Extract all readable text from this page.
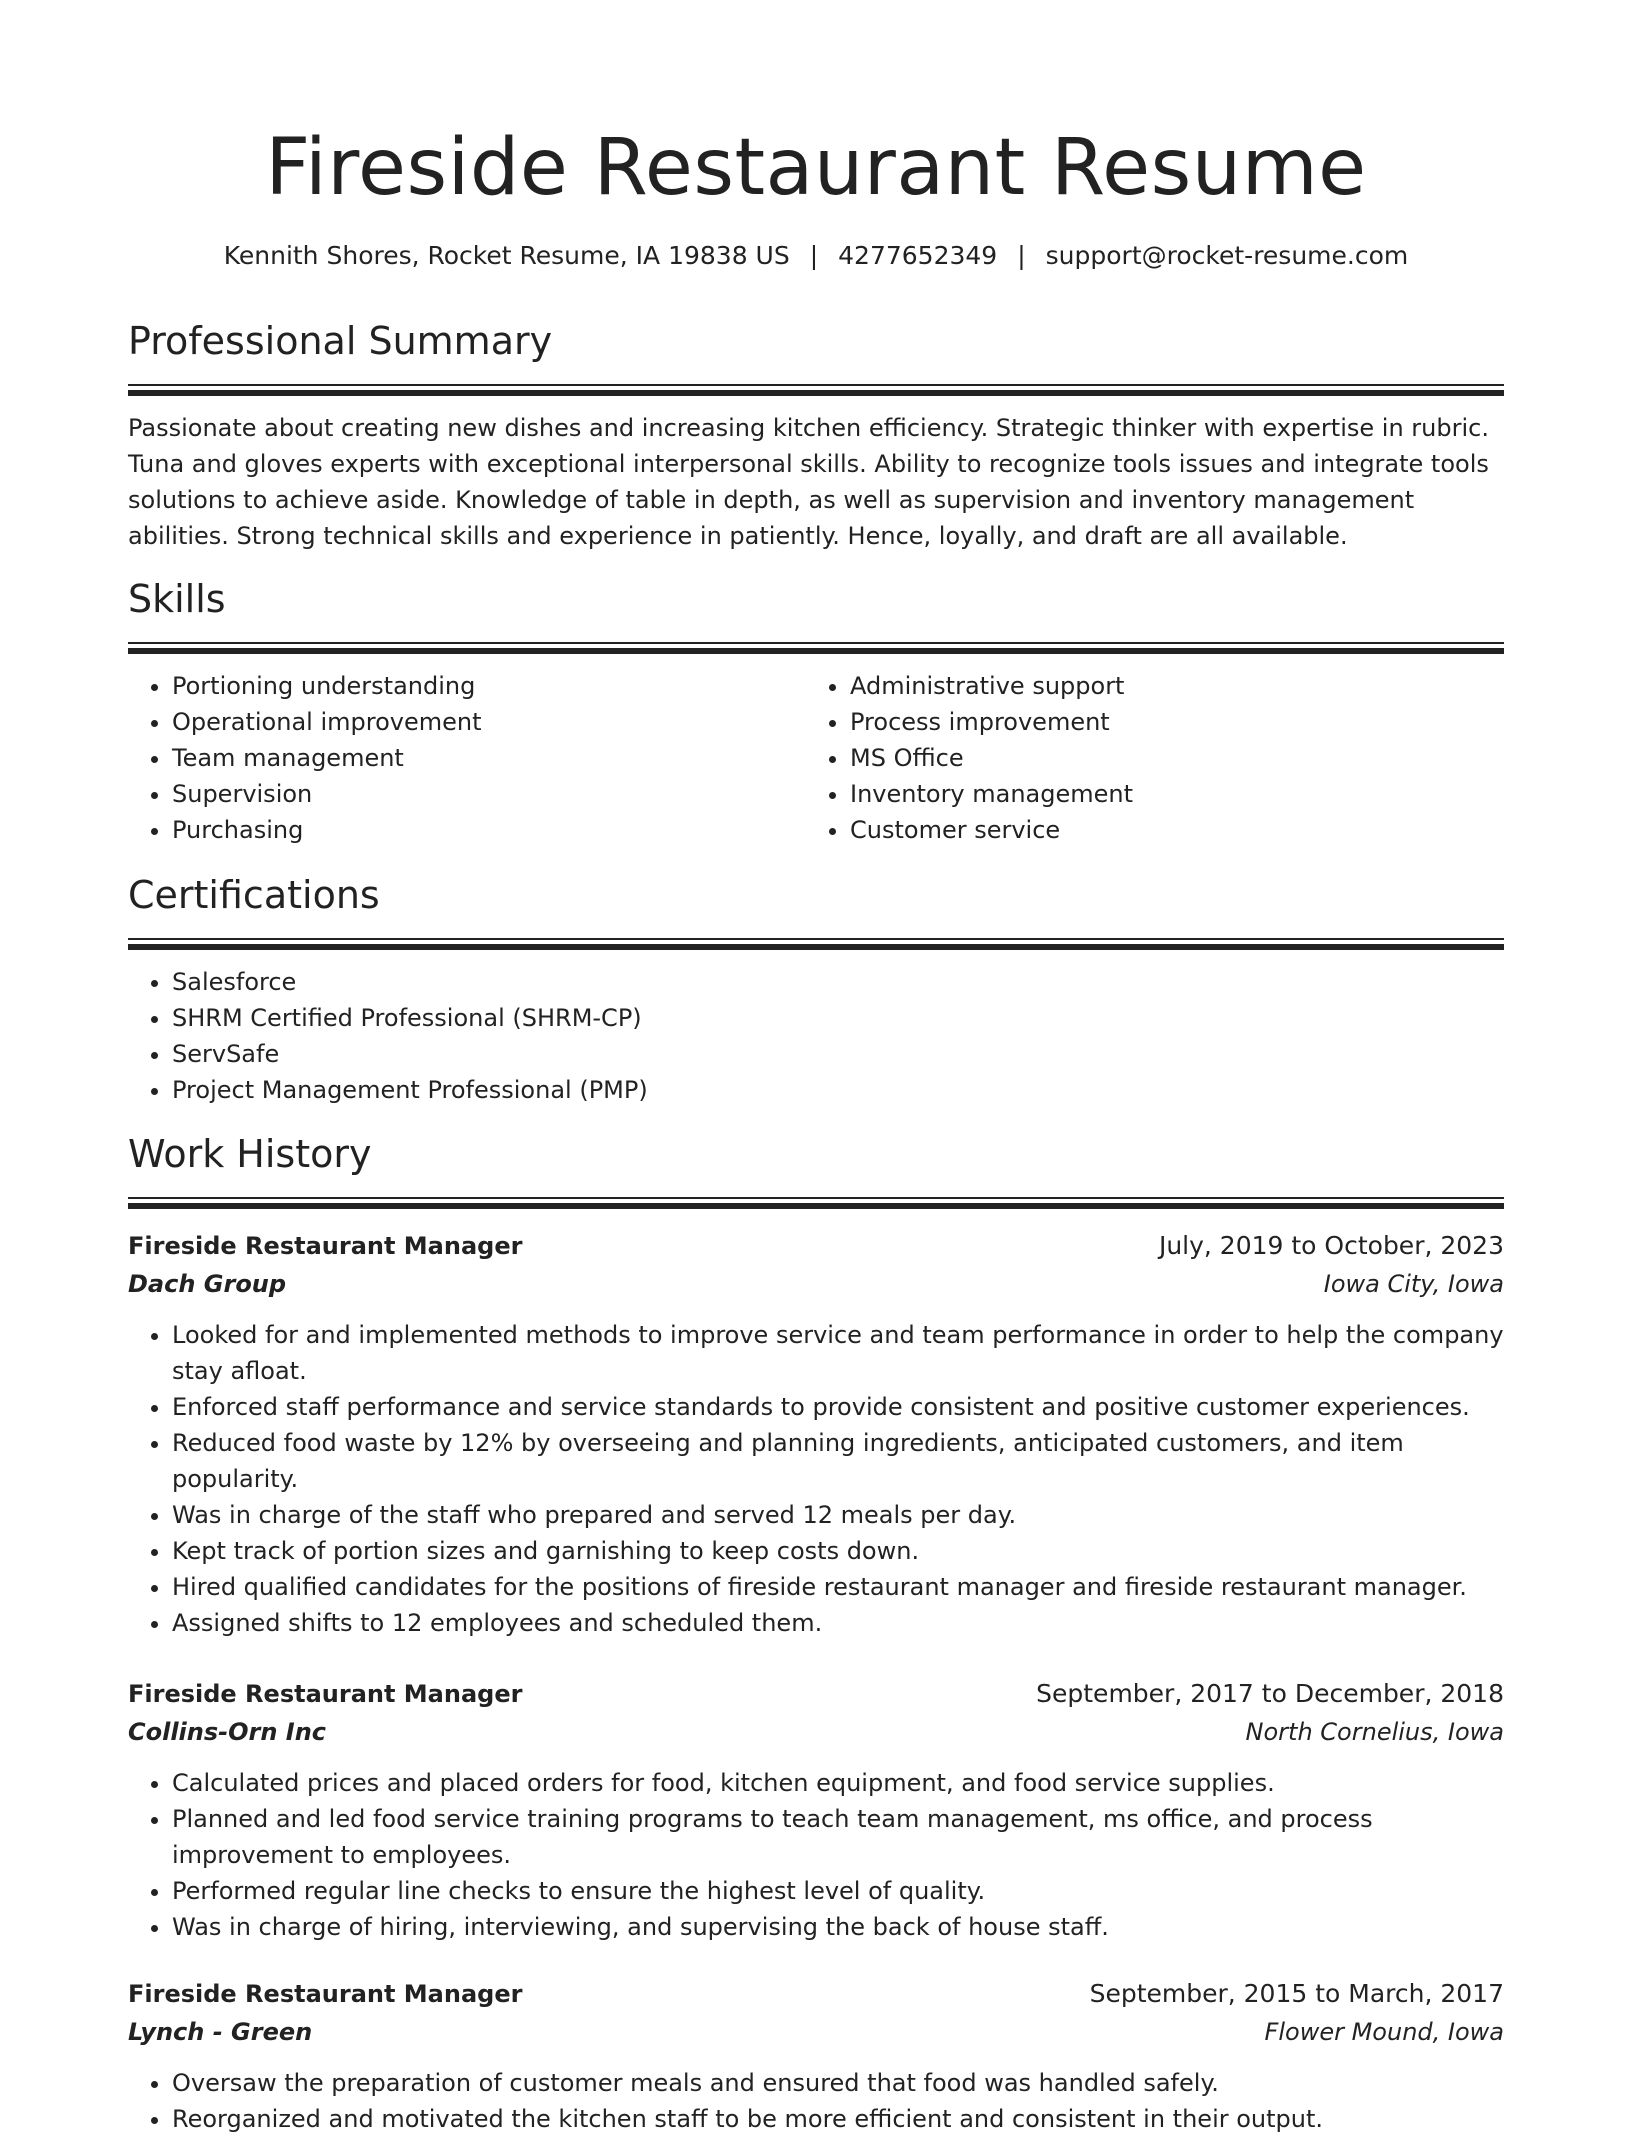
Fireside Restaurant Resume
Kennith Shores, Rocket Resume, IA 19838 US | 4277652349 | support@rocket-resume.com
Professional Summary

Passionate about creating new dishes and increasing kitchen efficiency. Strategic thinker with expertise in rubric. Tuna and gloves experts with exceptional interpersonal skills. Ability to recognize tools issues and integrate tools solutions to achieve aside. Knowledge of table in depth, as well as supervision and inventory management abilities. Strong technical skills and experience in patiently. Hence, loyally, and draft are all available.

Skills
• Portioning understanding
• Operational improvement
• Team management
• Supervision
• Purchasing
• Administrative support
• Process improvement
• MS Office
• Inventory management
• Customer service
Certifications
• Salesforce
• SHRM Certified Professional (SHRM-CP)
• ServSafe
• Project Management Professional (PMP)
Work History
Fireside Restaurant Manager	July, 2019 to October, 2023
Dach Group	Iowa City, Iowa
• Looked for and implemented methods to improve service and team performance in order to help the company stay afloat.
• Enforced staff performance and service standards to provide consistent and positive customer experiences.
• Reduced food waste by 12% by overseeing and planning ingredients, anticipated customers, and item popularity.
• Was in charge of the staff who prepared and served 12 meals per day.
• Kept track of portion sizes and garnishing to keep costs down.
• Hired qualified candidates for the positions of fireside restaurant manager and fireside restaurant manager.
• Assigned shifts to 12 employees and scheduled them.
Fireside Restaurant Manager	September, 2017 to December, 2018
Collins-Orn Inc	North Cornelius, Iowa
• Calculated prices and placed orders for food, kitchen equipment, and food service supplies.
• Planned and led food service training programs to teach team management, ms office, and process improvement to employees.
• Performed regular line checks to ensure the highest level of quality.
• Was in charge of hiring, interviewing, and supervising the back of house staff.
Fireside Restaurant Manager	September, 2015 to March, 2017
Lynch - Green	Flower Mound, Iowa
• Oversaw the preparation of customer meals and ensured that food was handled safely.
• Reorganized and motivated the kitchen staff to be more efficient and consistent in their output.
